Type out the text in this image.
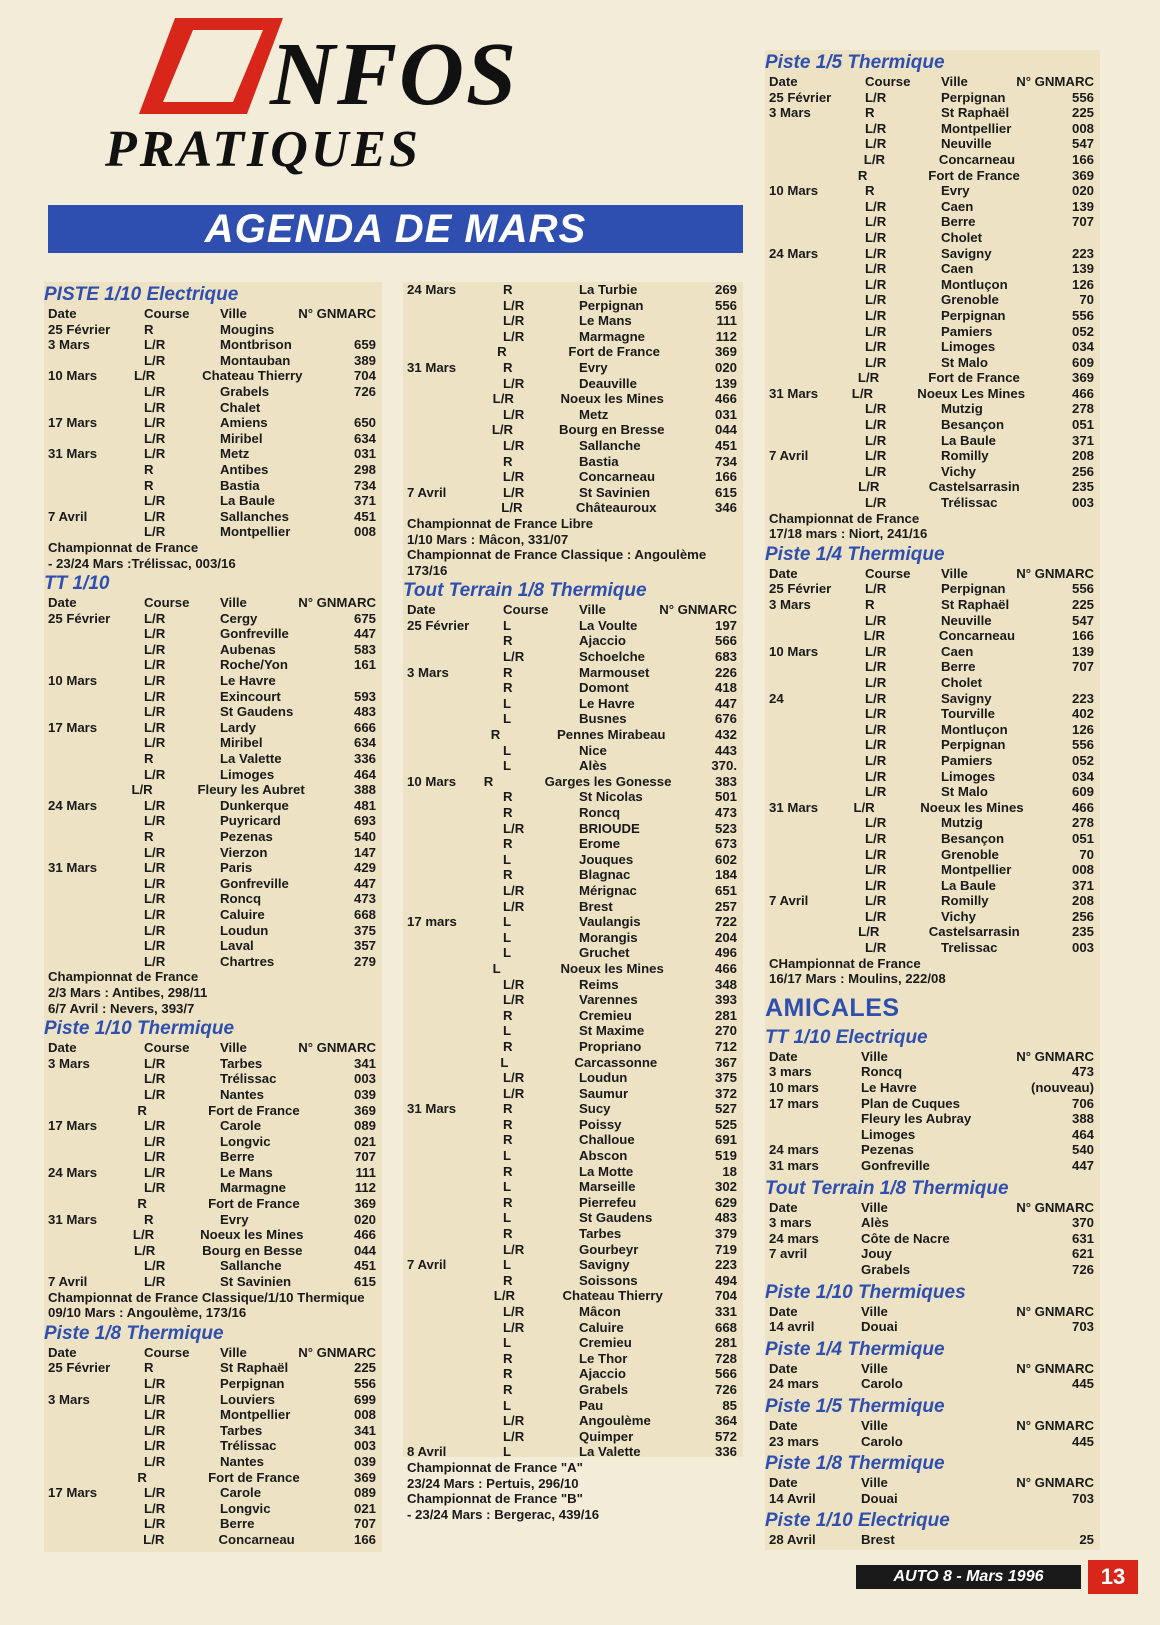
NFOS
PRATIQUES
AGENDA DE MARS
PISTE 1/10 Electrique
Date	Course	Ville	N° GNMARC
25 Février	R	Mougins
3 Mars	L/R	Montbrison	659
L/R	Montauban	389
10 Mars	L/R	Chateau Thierry	704
L/R	Grabels	726
L/R	Chalet
17 Mars	L/R	Amiens	650
L/R	Miribel	634
31 Mars	L/R	Metz	031
R	Antibes	298
R	Bastia	734
L/R	La Baule	371
7 Avril	L/R	Sallanches	451
L/R	Montpellier	008
Championnat de France
- 23/24 Mars :Trélissac, 003/16
TT 1/10
Date	Course	Ville	N° GNMARC
25 Février	L/R	Cergy	675
L/R	Gonfreville	447
L/R	Aubenas	583
L/R	Roche/Yon	161
10 Mars	L/R	Le Havre
L/R	Exincourt	593
L/R	St Gaudens	483
17 Mars	L/R	Lardy	666
L/R	Miribel	634
R	La Valette	336
L/R	Limoges	464
L/R	Fleury les Aubret	388
24 Mars	L/R	Dunkerque	481
L/R	Puyricard	693
R	Pezenas	540
L/R	Vierzon	147
31 Mars	L/R	Paris	429
L/R	Gonfreville	447
L/R	Roncq	473
L/R	Caluire	668
L/R	Loudun	375
L/R	Laval	357
L/R	Chartres	279
Championnat de France
2/3 Mars : Antibes, 298/11
6/7 Avril : Nevers, 393/7
Piste 1/10 Thermique
Date	Course	Ville	N° GNMARC
3 Mars	L/R	Tarbes	341
L/R	Trélissac	003
L/R	Nantes	039
R	Fort de France	369
17 Mars	L/R	Carole	089
L/R	Longvic	021
L/R	Berre	707
24 Mars	L/R	Le Mans	111
L/R	Marmagne	112
R	Fort de France	369
31 Mars	R	Evry	020
L/R	Noeux les Mines	466
L/R	Bourg en Besse	044
L/R	Sallanche	451
7 Avril	L/R	St Savinien	615
Championnat de France Classique/1/10 Thermique
09/10 Mars : Angoulème, 173/16
Piste 1/8 Thermique
Date	Course	Ville	N° GNMARC
25 Février	R	St Raphaël	225
L/R	Perpignan	556
3 Mars	L/R	Louviers	699
L/R	Montpellier	008
L/R	Tarbes	341
L/R	Trélissac	003
L/R	Nantes	039
R	Fort de France	369
17 Mars	L/R	Carole	089
L/R	Longvic	021
L/R	Berre	707
L/R	Concarneau	166
24 Mars	R	La Turbie	269
L/R	Perpignan	556
L/R	Le Mans	111
L/R	Marmagne	112
R	Fort de France	369
31 Mars	R	Evry	020
L/R	Deauville	139
L/R	Noeux les Mines	466
L/R	Metz	031
L/R	Bourg en Bresse	044
L/R	Sallanche	451
R	Bastia	734
L/R	Concarneau	166
7 Avril	L/R	St Savinien	615
L/R	Châteauroux	346
Championnat de France Libre
1/10 Mars : Mâcon, 331/07
Championnat de France Classique : Angoulème
173/16
Tout Terrain 1/8 Thermique
Date	Course	Ville	N° GNMARC
25 Février	L	La Voulte	197
R	Ajaccio	566
L/R	Schoelche	683
3 Mars	R	Marmouset	226
R	Domont	418
L	Le Havre	447
L	Busnes	676
R	Pennes Mirabeau	432
L	Nice	443
L	Alès	370.
10 Mars	R	Garges les Gonesse	383
R	St Nicolas	501
R	Roncq	473
L/R	BRIOUDE	523
R	Erome	673
L	Jouques	602
R	Blagnac	184
L/R	Mérignac	651
L/R	Brest	257
17 mars	L	Vaulangis	722
L	Morangis	204
L	Gruchet	496
L	Noeux les Mines	466
L/R	Reims	348
L/R	Varennes	393
R	Cremieu	281
L	St Maxime	270
R	Propriano	712
L	Carcassonne	367
L/R	Loudun	375
L/R	Saumur	372
31 Mars	R	Sucy	527
R	Poissy	525
R	Challoue	691
L	Abscon	519
R	La Motte	18
L	Marseille	302
R	Pierrefeu	629
L	St Gaudens	483
R	Tarbes	379
L/R	Gourbeyr	719
7 Avril	L	Savigny	223
R	Soissons	494
L/R	Chateau Thierry	704
L/R	Mâcon	331
L/R	Caluire	668
L	Cremieu	281
R	Le Thor	728
R	Ajaccio	566
R	Grabels	726
L	Pau	85
L/R	Angoulème	364
L/R	Quimper	572
8 Avril	L	La Valette	336
Championnat de France "A"
23/24 Mars : Pertuis, 296/10
Championnat de France "B"
- 23/24 Mars : Bergerac, 439/16
Piste 1/5 Thermique
Date	Course	Ville	N° GNMARC
25 Février	L/R	Perpignan	556
3 Mars	R	St Raphaël	225
L/R	Montpellier	008
L/R	Neuville	547
L/R	Concarneau	166
R	Fort de France	369
10 Mars	R	Evry	020
L/R	Caen	139
L/R	Berre	707
L/R	Cholet
24 Mars	L/R	Savigny	223
L/R	Caen	139
L/R	Montluçon	126
L/R	Grenoble	70
L/R	Perpignan	556
L/R	Pamiers	052
L/R	Limoges	034
L/R	St Malo	609
L/R	Fort de France	369
31 Mars	L/R	Noeux Les Mines	466
L/R	Mutzig	278
L/R	Besançon	051
L/R	La Baule	371
7 Avril	L/R	Romilly	208
L/R	Vichy	256
L/R	Castelsarrasin	235
L/R	Trélissac	003
Championnat de France
17/18 mars : Niort, 241/16
Piste 1/4 Thermique
Date	Course	Ville	N° GNMARC
25 Février	L/R	Perpignan	556
3 Mars	R	St Raphaël	225
L/R	Neuville	547
L/R	Concarneau	166
10 Mars	L/R	Caen	139
L/R	Berre	707
L/R	Cholet
24	L/R	Savigny	223
L/R	Tourville	402
L/R	Montluçon	126
L/R	Perpignan	556
L/R	Pamiers	052
L/R	Limoges	034
L/R	St Malo	609
31 Mars	L/R	Noeux les Mines	466
L/R	Mutzig	278
L/R	Besançon	051
L/R	Grenoble	70
L/R	Montpellier	008
L/R	La Baule	371
7 Avril	L/R	Romilly	208
L/R	Vichy	256
L/R	Castelsarrasin	235
L/R	Trelissac	003
CHampionnat de France
16/17 Mars : Moulins, 222/08
AMICALES
TT 1/10 Electrique
Date	Ville	N° GNMARC
3 mars	Roncq	473
10 mars	Le Havre	(nouveau)
17 mars	Plan de Cuques	706
Fleury les Aubray	388
Limoges	464
24 mars	Pezenas	540
31 mars	Gonfreville	447
Tout Terrain 1/8 Thermique
Date	Ville	N° GNMARC
3 mars	Alès	370
24 mars	Côte de Nacre	631
7 avril	Jouy	621
Grabels	726
Piste 1/10 Thermiques
Date	Ville	N° GNMARC
14 avril	Douai	703
Piste 1/4 Thermique
Date	Ville	N° GNMARC
24 mars	Carolo	445
Piste 1/5 Thermique
Date	Ville	N° GNMARC
23 mars	Carolo	445
Piste 1/8 Thermique
Date	Ville	N° GNMARC
14 Avril	Douai	703
Piste 1/10 Electrique
28 Avril	Brest	25
AUTO 8 - Mars 1996	13
